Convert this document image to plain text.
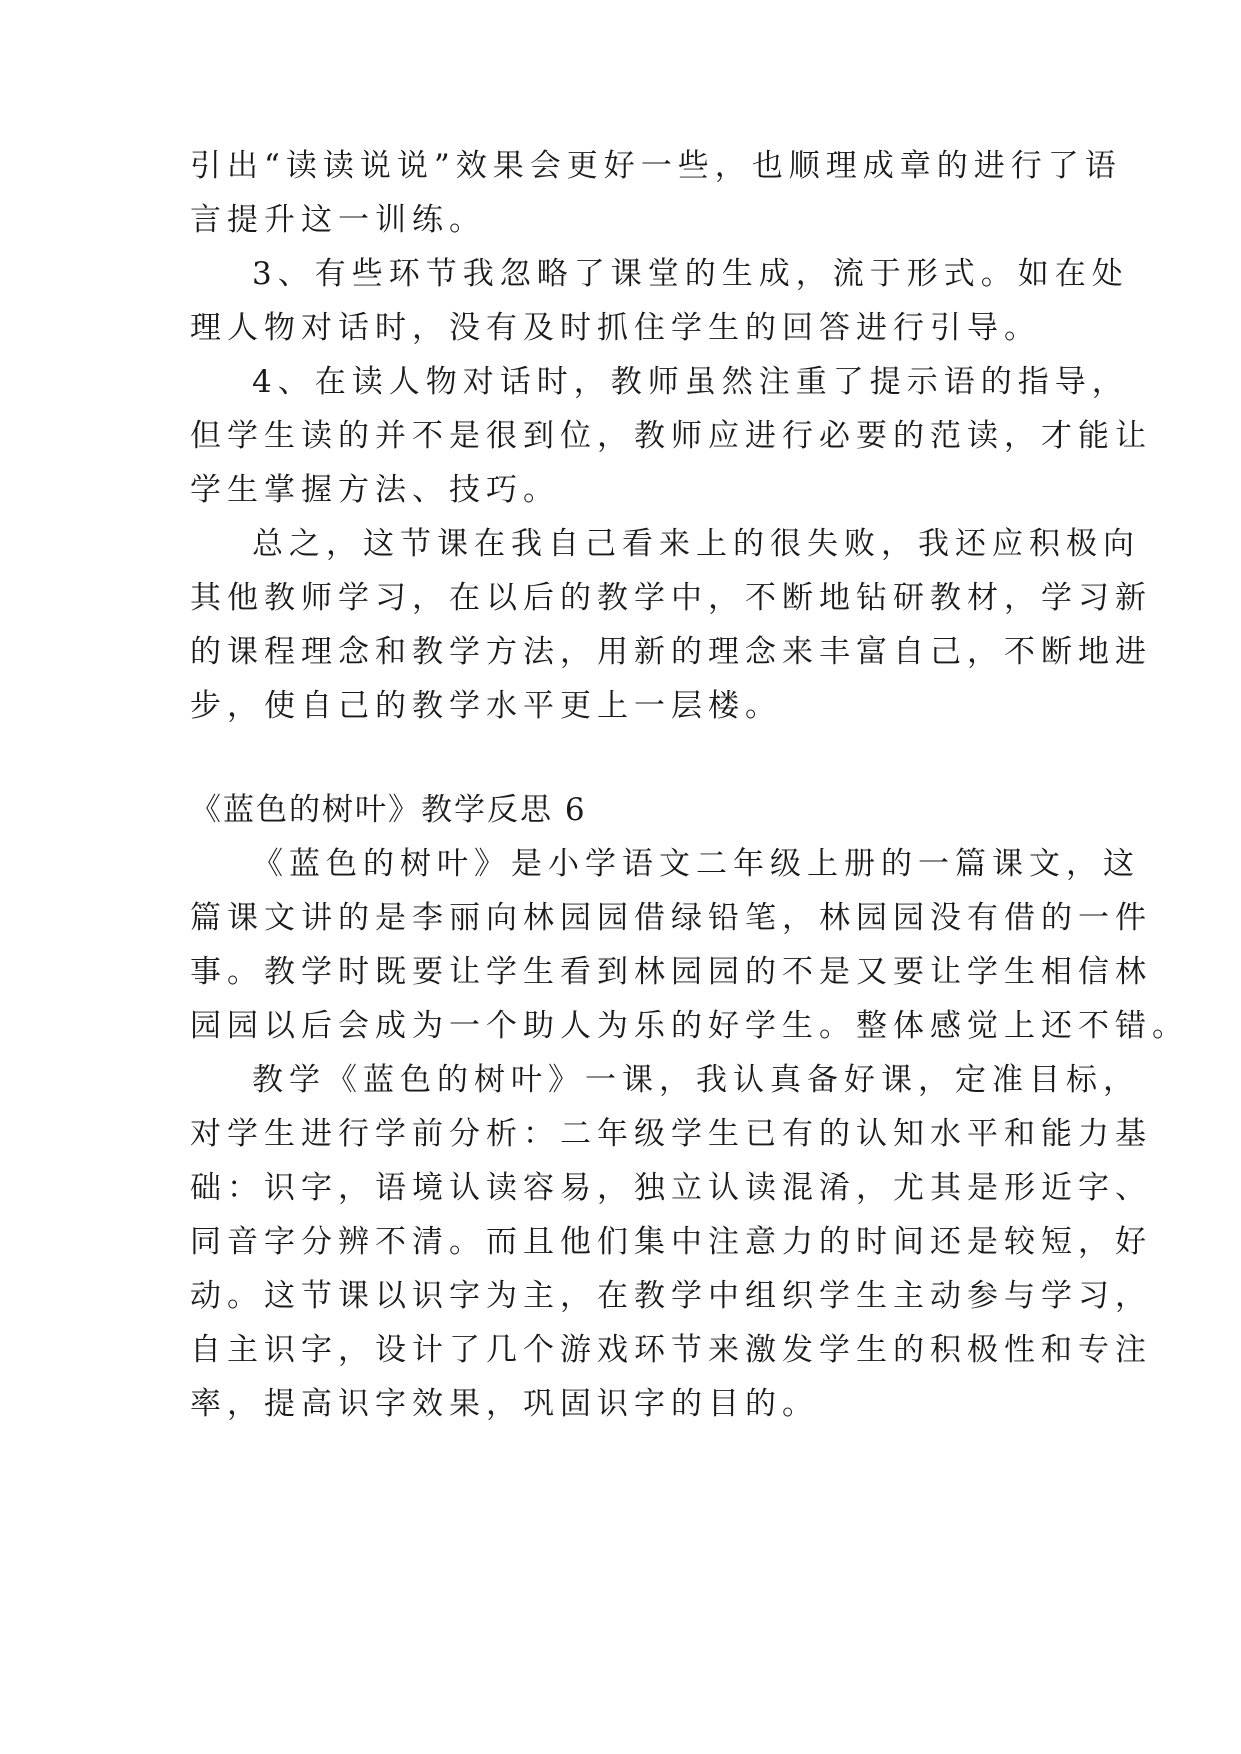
引出“读读说说”效果会更好一些，也顺理成章的进行了语
言提升这一训练。
3、有些环节我忽略了课堂的生成，流于形式。如在处
理人物对话时，没有及时抓住学生的回答进行引导。
4、在读人物对话时，教师虽然注重了提示语的指导，
但学生读的并不是很到位，教师应进行必要的范读，才能让
学生掌握方法、技巧。
总之，这节课在我自己看来上的很失败，我还应积极向
其他教师学习，在以后的教学中，不断地钻研教材，学习新
的课程理念和教学方法，用新的理念来丰富自己，不断地进
步，使自己的教学水平更上一层楼。
《蓝色的树叶》教学反思 6
《蓝色的树叶》是小学语文二年级上册的一篇课文，这
篇课文讲的是李丽向林园园借绿铅笔，林园园没有借的一件
事。教学时既要让学生看到林园园的不是又要让学生相信林
园园以后会成为一个助人为乐的好学生。整体感觉上还不错。
教学《蓝色的树叶》一课，我认真备好课，定准目标，
对学生进行学前分析：二年级学生已有的认知水平和能力基
础：识字，语境认读容易，独立认读混淆，尤其是形近字、
同音字分辨不清。而且他们集中注意力的时间还是较短，好
动。这节课以识字为主，在教学中组织学生主动参与学习，
自主识字，设计了几个游戏环节来激发学生的积极性和专注
率，提高识字效果，巩固识字的目的。
